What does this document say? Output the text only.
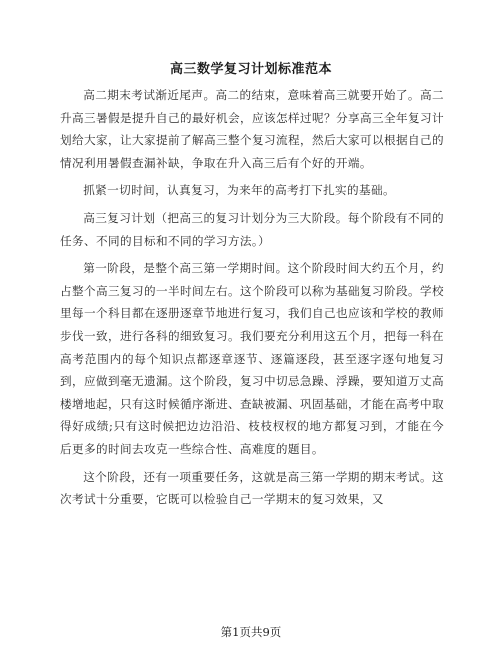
高三数学复习计划标准范本

高二期末考试渐近尾声。高二的结束，意味着高三就要开始了。高二升高三暑假是提升自己的最好机会，应该怎样过呢？分享高三全年复习计划给大家，让大家提前了解高三整个复习流程，然后大家可以根据自己的情况利用暑假查漏补缺，争取在升入高三后有个好的开端。

抓紧一切时间，认真复习，为来年的高考打下扎实的基础。

高三复习计划（把高三的复习计划分为三大阶段。每个阶段有不同的任务、不同的目标和不同的学习方法。）

第一阶段，是整个高三第一学期时间。这个阶段时间大约五个月，约占整个高三复习的一半时间左右。这个阶段可以称为基础复习阶段。学校里每一个科目都在逐册逐章节地进行复习，我们自己也应该和学校的教师步伐一致，进行各科的细致复习。我们要充分利用这五个月，把每一科在高考范围内的每个知识点都逐章逐节、逐篇逐段，甚至逐字逐句地复习到，应做到毫无遗漏。这个阶段，复习中切忌急躁、浮躁，要知道万丈高楼增地起，只有这时候循序渐进、查缺被漏、巩固基础，才能在高考中取得好成绩;只有这时候把边边沿沿、枝枝杈杈的地方都复习到，才能在今后更多的时间去攻克一些综合性、高难度的题目。

这个阶段，还有一项重要任务，这就是高三第一学期的期末考试。这次考试十分重要，它既可以检验自己一学期末的复习效果，又

第1页共9页
